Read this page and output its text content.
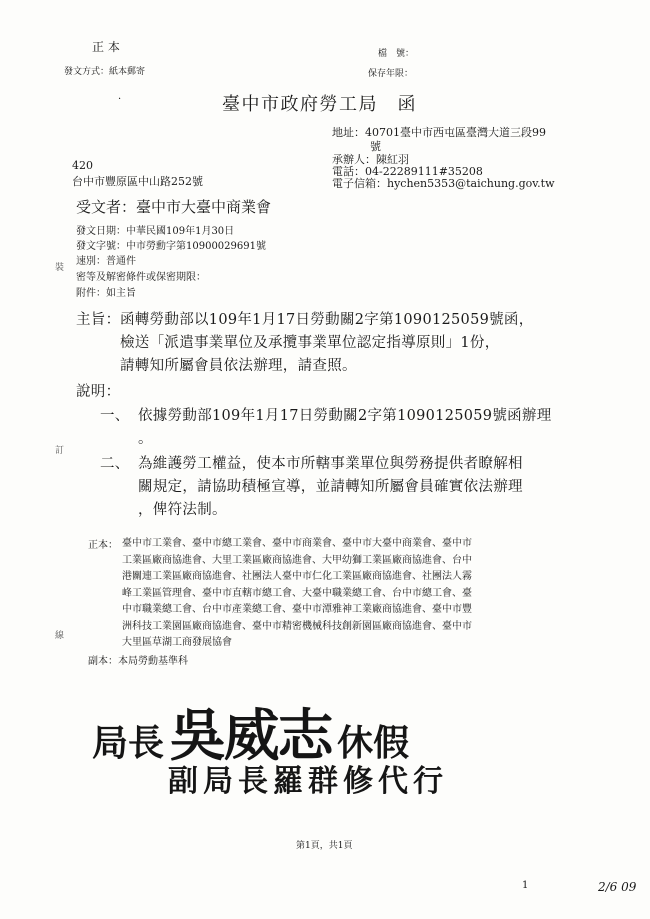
正 本
發文方式：紙本郵寄
檔　號：
保存年限：
·	臺中市政府勞工局　函
地址：40701臺中市西屯區臺灣大道三段99
號
承辦人：陳紅羽
電話：04-22289111#35208
電子信箱：hychen5353@taichung.gov.tw
420
台中市豐原區中山路252號
受文者：臺中市大臺中商業會
發文日期：中華民國109年1月30日
發文字號：中市勞勳字第10900029691號
速別：普通件
密等及解密條件或保密期限：
附件：如主旨
裝
訂
線
主旨： 函轉勞動部以109年1月17日勞動關2字第1090125059號函，
檢送「派遣事業單位及承攬事業單位認定指導原則」1份，
請轉知所屬會員依法辦理，請查照。
說明：
一、 依據勞動部109年1月17日勞動關2字第1090125059號函辦理
。
二、 為維護勞工權益，使本市所轄事業單位與勞務提供者瞭解相
關規定，請協助積極宣導，並請轉知所屬會員確實依法辦理
，俾符法制。
正本： 臺中市工業會、臺中市總工業會、臺中市商業會、臺中市大臺中商業會、臺中市
工業區廠商協進會、大里工業區廠商協進會、大甲幼獅工業區廠商協進會、台中
港關連工業區廠商協進會、社團法人臺中市仁化工業區廠商協進會、社團法人霧
峰工業區管理會、臺中市直轄市總工會、大臺中職業總工會、台中市總工會、臺
中市職業總工會、台中市產業總工會、臺中市潭雅神工業廠商協進會、臺中市豐
洲科技工業園區廠商協進會、臺中市精密機械科技創新園區廠商協進會、臺中市
大里區草湖工商發展協會
副本：本局勞動基準科
局長 吳威志 休假
副局長羅群修代行
第1頁，共1頁
1	2/6 09
